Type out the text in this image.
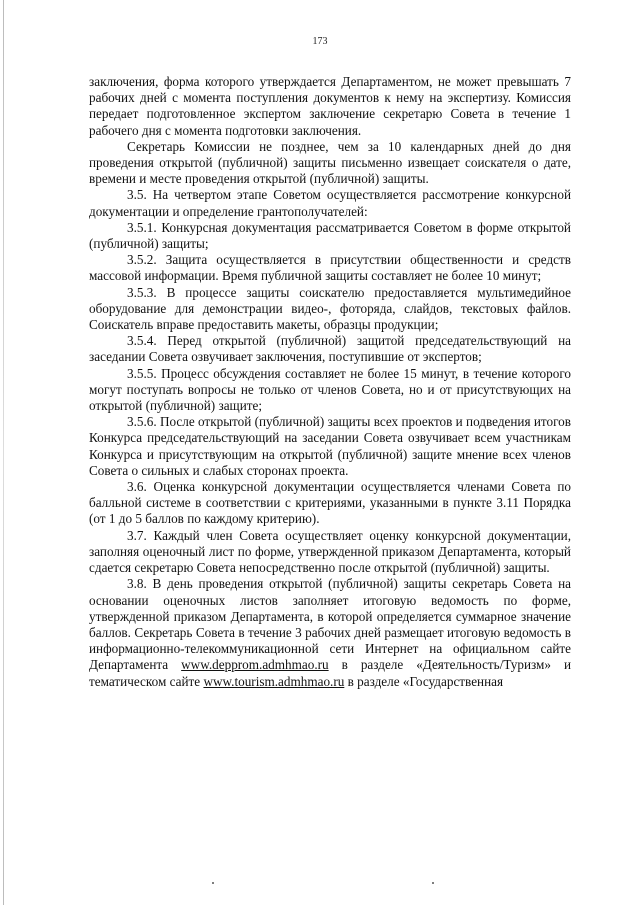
173

заключения, форма которого утверждается Департаментом, не может превышать 7 рабочих дней с момента поступления документов к нему на экспертизу. Комиссия передает подготовленное экспертом заключение секретарю Совета в течение 1 рабочего дня с момента подготовки заключения.

Секретарь Комиссии не позднее, чем за 10 календарных дней до дня проведения открытой (публичной) защиты письменно извещает соискателя о дате, времени и месте проведения открытой (публичной) защиты.

3.5. На четвертом этапе Советом осуществляется рассмотрение конкурсной документации и определение грантополучателей:

3.5.1. Конкурсная документация рассматривается Советом в форме открытой (публичной) защиты;

3.5.2. Защита осуществляется в присутствии общественности и средств массовой информации. Время публичной защиты составляет не более 10 минут;

3.5.3. В процессе защиты соискателю предоставляется мультимедийное оборудование для демонстрации видео-, фоторяда, слайдов, текстовых файлов. Соискатель вправе предоставить макеты, образцы продукции;

3.5.4. Перед открытой (публичной) защитой председательствующий на заседании Совета озвучивает заключения, поступившие от экспертов;

3.5.5. Процесс обсуждения составляет не более 15 минут, в течение которого могут поступать вопросы не только от членов Совета, но и от присутствующих на открытой (публичной) защите;

3.5.6. После открытой (публичной) защиты всех проектов и подведения итогов Конкурса председательствующий на заседании Совета озвучивает всем участникам Конкурса и присутствующим на открытой (публичной) защите мнение всех членов Совета о сильных и слабых сторонах проекта.

3.6. Оценка конкурсной документации осуществляется членами Совета по балльной системе в соответствии с критериями, указанными в пункте 3.11 Порядка (от 1 до 5 баллов по каждому критерию).

3.7. Каждый член Совета осуществляет оценку конкурсной документации, заполняя оценочный лист по форме, утвержденной приказом Департамента, который сдается секретарю Совета непосредственно после открытой (публичной) защиты.

3.8. В день проведения открытой (публичной) защиты секретарь Совета на основании оценочных листов заполняет итоговую ведомость по форме, утвержденной приказом Департамента, в которой определяется суммарное значение баллов. Секретарь Совета в течение 3 рабочих дней размещает итоговую ведомость в информационно-телекоммуникационной сети Интернет на официальном сайте Департамента www.depprom.admhmao.ru в разделе «Деятельность/Туризм» и тематическом сайте www.tourism.admhmao.ru в разделе «Государственная
